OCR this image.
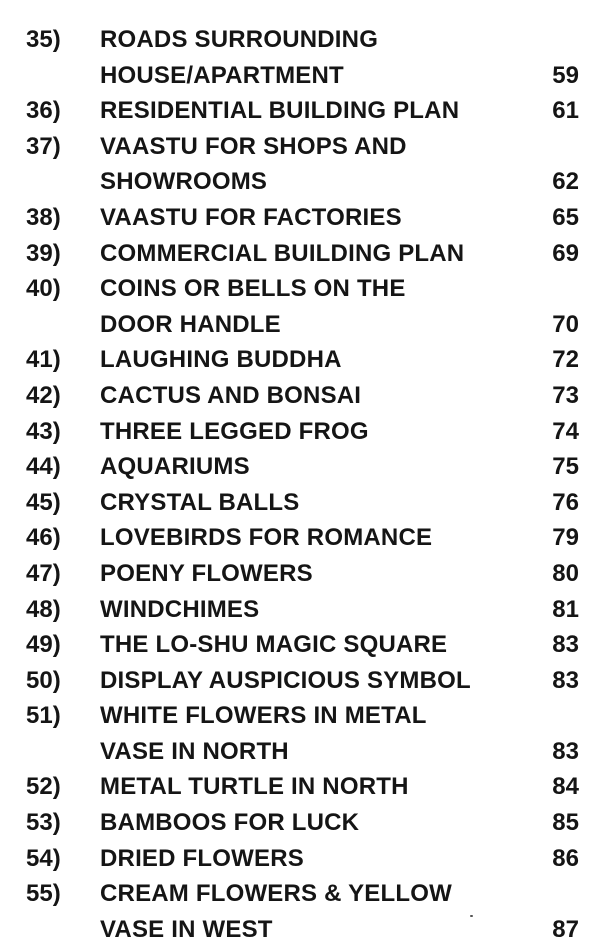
35)	ROADS SURROUNDING
HOUSE/APARTMENT	59
36)	RESIDENTIAL BUILDING PLAN	61
37)	VAASTU FOR SHOPS AND
SHOWROOMS	62
38)	VAASTU FOR FACTORIES	65
39)	COMMERCIAL BUILDING PLAN	69
40)	COINS OR BELLS ON THE
DOOR HANDLE	70
41)	LAUGHING BUDDHA	72
42)	CACTUS AND BONSAI	73
43)	THREE LEGGED FROG	74
44)	AQUARIUMS	75
45)	CRYSTAL BALLS	76
46)	LOVEBIRDS FOR ROMANCE	79
47)	POENY FLOWERS	80
48)	WINDCHIMES	81
49)	THE LO-SHU MAGIC SQUARE	83
50)	DISPLAY AUSPICIOUS SYMBOL	83
51)	WHITE FLOWERS IN METAL
VASE IN NORTH	83
52)	METAL TURTLE IN NORTH	84
53)	BAMBOOS FOR LUCK	85
54)	DRIED FLOWERS	86
55)	CREAM FLOWERS & YELLOW
VASE IN WEST	87
